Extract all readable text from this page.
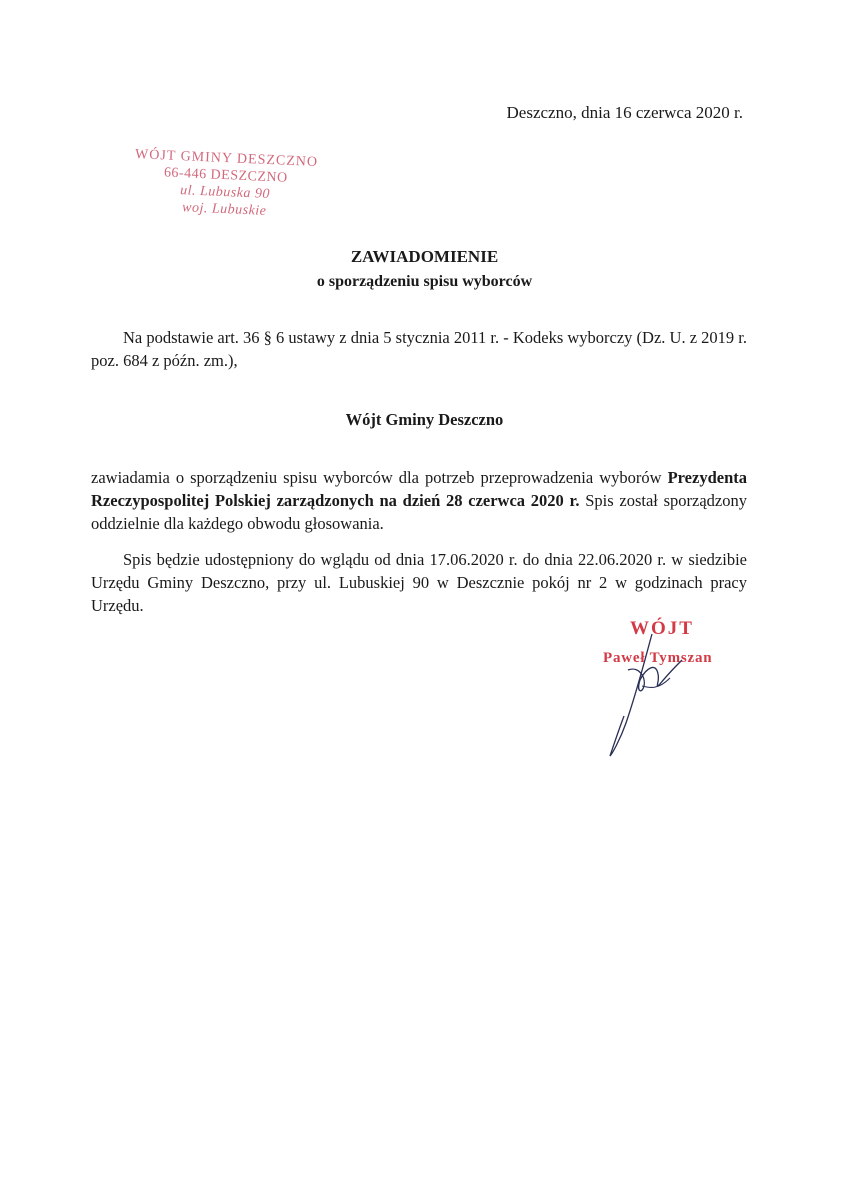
Deszczno, dnia 16 czerwca 2020 r.
WÓJT GMINY DESZCZNO
66-446 DESZCZNO
ul. Lubuska 90
woj. Lubuskie
ZAWIADOMIENIE
o sporządzeniu spisu wyborców
Na podstawie art. 36 § 6 ustawy z dnia 5 stycznia 2011 r. - Kodeks wyborczy (Dz. U. z 2019 r. poz. 684 z późn. zm.),
Wójt Gminy Deszczno
zawiadamia o sporządzeniu spisu wyborców dla potrzeb przeprowadzenia wyborów Prezydenta Rzeczypospolitej Polskiej zarządzonych na dzień 28 czerwca 2020 r. Spis został sporządzony oddzielnie dla każdego obwodu głosowania.
Spis będzie udostępniony do wglądu od dnia 17.06.2020 r. do dnia 22.06.2020 r. w siedzibie Urzędu Gminy Deszczno, przy ul. Lubuskiej 90 w Deszcznie pokój nr 2 w godzinach pracy Urzędu.
WÓJT
Paweł Tymszan
